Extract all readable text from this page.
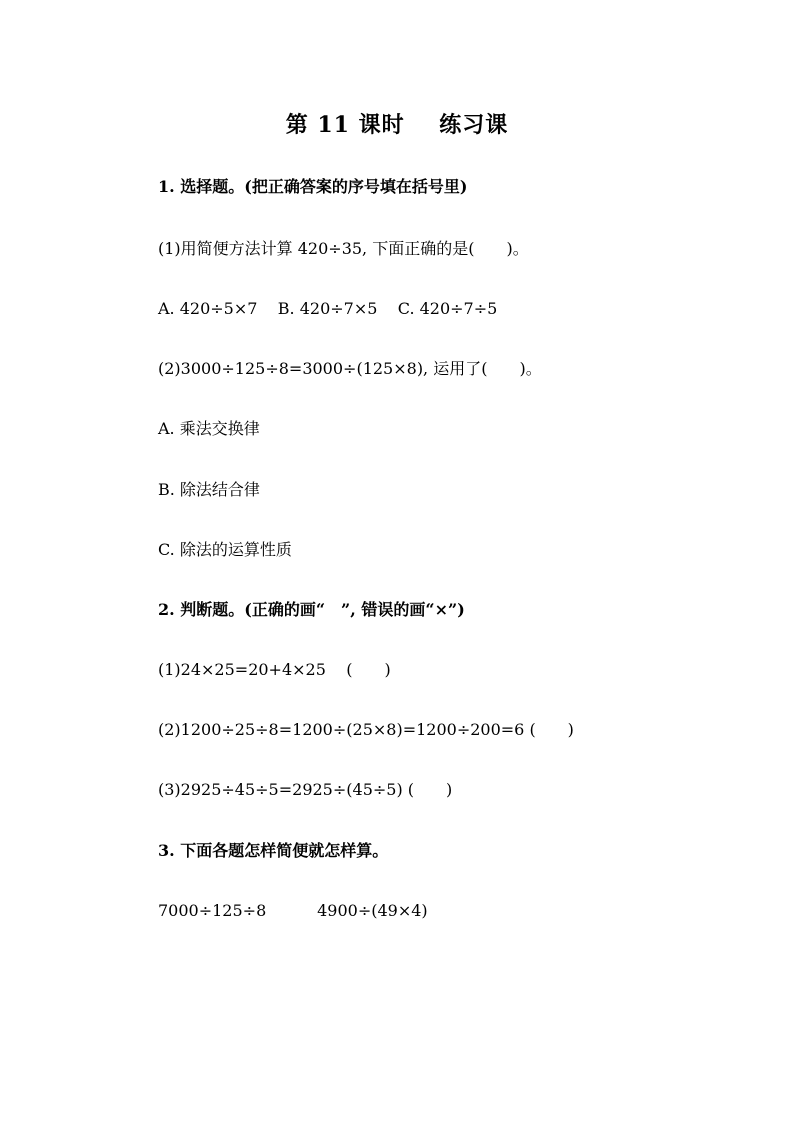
第 11 课时    练习课
1. 选择题。(把正确答案的序号填在括号里)
(1)用简便方法计算 420÷35, 下面正确的是(　　)。
A. 420÷5×7    B. 420÷7×5    C. 420÷7÷5
(2)3000÷125÷8=3000÷(125×8), 运用了(　　)。
A. 乘法交换律
B. 除法结合律
C. 除法的运算性质
2. 判断题。(正确的画“　”, 错误的画“×”)
(1)24×25=20+4×25    (　　)
(2)1200÷25÷8=1200÷(25×8)=1200÷200=6 (　　)
(3)2925÷45÷5=2925÷(45÷5) (　　)
3. 下面各题怎样简便就怎样算。
7000÷125÷8          4900÷(49×4)
